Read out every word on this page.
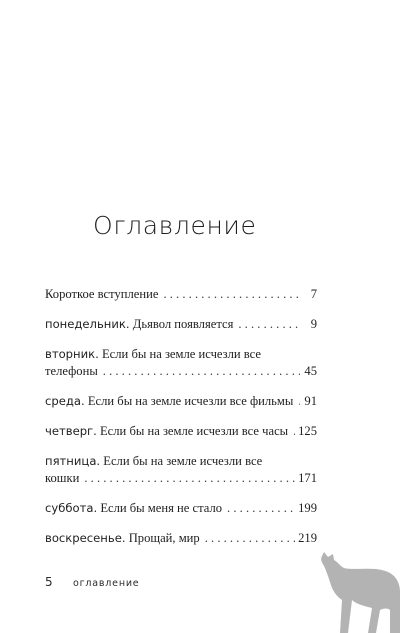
Оглавление
Короткое вступление . . .	7
понедельник. Дьявол появляется . . .	9
вторник. Если бы на земле исчезли все
телефоны . . .	45
среда. Если бы на земле исчезли все фильмы . . . 91
четверг. Если бы на земле исчезли все часы . . . 125
пятница. Если бы на земле исчезли все
кошки . . .	171
суббота. Если бы меня не стало . . .	199
воскресенье. Прощай, мир . . .	219
5	оглавление
